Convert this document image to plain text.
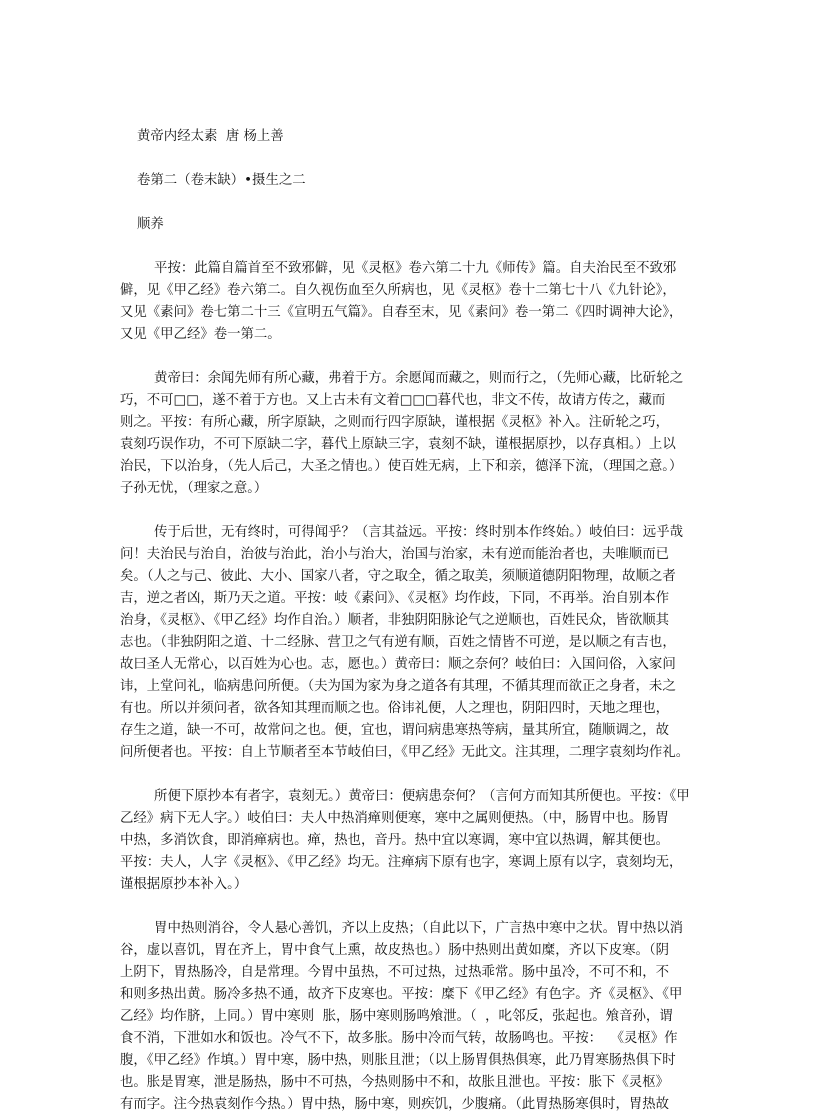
黄帝内经太素  唐 杨上善

卷第二（卷末缺）•摄生之二

顺养

平按：此篇自篇首至不致邪僻，见《灵枢》卷六第二十九《师传》篇。自夫治民至不致邪

僻，见《甲乙经》卷六第二。自久视伤血至久所病也，见《灵枢》卷十二第七十八《九针论》，

又见《素问》卷七第二十三《宣明五气篇》。自春至末，见《素问》卷一第二《四时调神大论》，

又见《甲乙经》卷一第二。

黄帝曰：余闻先师有所心藏，弗着于方。余愿闻而藏之，则而行之，（先师心藏，比斫轮之

巧，不可□□，遂不着于方也。又上古未有文着□□□暮代也，非文不传，故请方传之，藏而

则之。平按：有所心藏，所字原缺，之则而行四字原缺，谨根据《灵枢》补入。注斫轮之巧，

袁刻巧误作功，不可下原缺二字，暮代上原缺三字，袁刻不缺，谨根据原抄，以存真相。）上以

治民，下以治身，（先人后己，大圣之情也。）使百姓无病，上下和亲，德泽下流，（理国之意。）

子孙无忧，（理家之意。）

传于后世，无有终时，可得闻乎？（言其益远。平按：终时别本作终始。）岐伯曰：远乎哉

问！夫治民与治自，治彼与治此，治小与治大，治国与治家，未有逆而能治者也，夫唯顺而已

矣。（人之与己、彼此、大小、国家八者，守之取全，循之取美，须顺道德阴阳物理，故顺之者

吉，逆之者凶，斯乃天之道。平按：岐《素问》、《灵枢》均作歧，下同，不再举。治自别本作

治身，《灵枢》、《甲乙经》均作自治。）顺者，非独阴阳脉论气之逆顺也，百姓民众，皆欲顺其

志也。（非独阴阳之道、十二经脉、营卫之气有逆有顺，百姓之情皆不可逆，是以顺之有吉也，

故曰圣人无常心，以百姓为心也。志，愿也。）黄帝曰：顺之奈何？岐伯曰：入国问俗，入家问

讳，上堂问礼，临病患问所便。（夫为国为家为身之道各有其理，不循其理而欲正之身者，未之

有也。所以并须问者，欲各知其理而顺之也。俗讳礼便，人之理也，阴阳四时，天地之理也，

存生之道，缺一不可，故常问之也。便，宜也，谓问病患寒热等病，量其所宜，随顺调之，故

问所便者也。平按：自上节顺者至本节岐伯曰，《甲乙经》无此文。注其理，二理字袁刻均作礼。

所便下原抄本有者字，袁刻无。）黄帝曰：便病患奈何？（言何方而知其所便也。平按：《甲

乙经》病下无人字。）岐伯曰：夫人中热消瘅则便寒，寒中之属则便热。（中，肠胃中也。肠胃

中热，多消饮食，即消瘅病也。瘅，热也，音丹。热中宜以寒调，寒中宜以热调，解其便也。

平按：夫人，人字《灵枢》、《甲乙经》均无。注瘅病下原有也字，寒调上原有以字，袁刻均无，

谨根据原抄本补入。）

胃中热则消谷，令人悬心善饥，齐以上皮热；（自此以下，广言热中寒中之状。胃中热以消

谷，虚以喜饥，胃在齐上，胃中食气上熏，故皮热也。）肠中热则出黄如糜，齐以下皮寒。（阴

上阴下，胃热肠冷，自是常理。今胃中虽热，不可过热，过热乖常。肠中虽冷，不可不和，不

和则多热出黄。肠冷多热不通，故齐下皮寒也。平按：糜下《甲乙经》有色字。齐《灵枢》、《甲

乙经》均作脐，上同。）胃中寒则  胀，肠中寒则肠鸣飧泄。（  ，叱邻反，张起也。飧音孙，谓

食不消，下泄如水和饭也。冷气不下，故多胀。肠中冷而气转，故肠鸣也。平按：  《灵枢》作

腹，《甲乙经》作填。）胃中寒，肠中热，则胀且泄；（以上肠胃俱热俱寒，此乃胃寒肠热俱下时

也。胀是胃寒，泄是肠热，肠中不可热，今热则肠中不和，故胀且泄也。平按：胀下《灵枢》

有而字。注今热袁刻作今热。）胃中热，肠中寒，则疾饥，少腹痛。（此胃热肠寒俱时，胃热故
